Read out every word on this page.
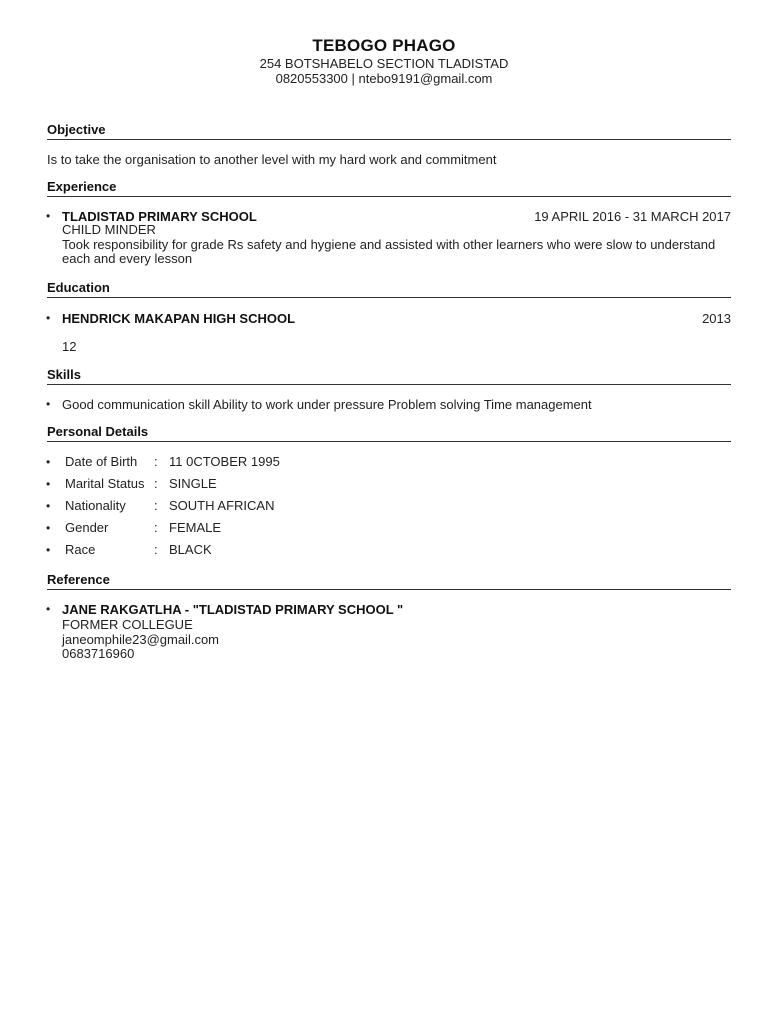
TEBOGO PHAGO
254 BOTSHABELO SECTION TLADISTAD
0820553300 | ntebo9191@gmail.com
Objective
Is to take the organisation to another level with my hard work and commitment
Experience
• TLADISTAD PRIMARY SCHOOL	19 APRIL 2016 - 31 MARCH 2017
CHILD MINDER
Took responsibility for grade Rs safety and hygiene and assisted with other learners who were slow to understand each and every lesson
Education
• HENDRICK MAKAPAN HIGH SCHOOL	2013
12
Skills
• Good communication skill Ability to work under pressure Problem solving Time management
Personal Details
• Date of Birth : 11 0CTOBER 1995
• Marital Status : SINGLE
• Nationality : SOUTH AFRICAN
• Gender	: FEMALE
• Race	: BLACK
Reference
• JANE RAKGATLHA - "TLADISTAD PRIMARY SCHOOL "
FORMER COLLEGUE
janeomphile23@gmail.com
0683716960
